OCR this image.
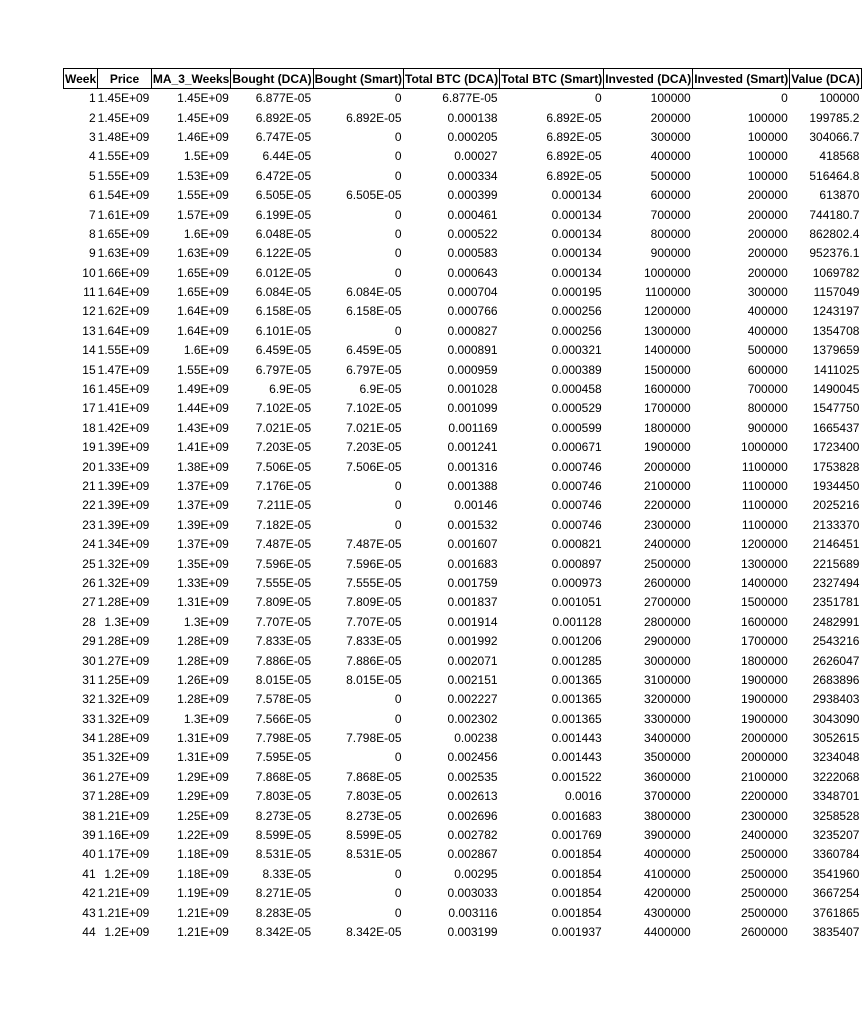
Week	Price	MA_3_Weeks	Bought (DCA)	Bought (Smart)	Total BTC (DCA)	Total BTC (Smart)	Invested (DCA)	Invested (Smart)	Value (DCA)
1	1.45E+09	1.45E+09	6.877E-05	0	6.877E-05	0	100000	0	100000
2	1.45E+09	1.45E+09	6.892E-05	6.892E-05	0.000138	6.892E-05	200000	100000	199785.2
3	1.48E+09	1.46E+09	6.747E-05	0	0.000205	6.892E-05	300000	100000	304066.7
4	1.55E+09	1.5E+09	6.44E-05	0	0.00027	6.892E-05	400000	100000	418568
5	1.55E+09	1.53E+09	6.472E-05	0	0.000334	6.892E-05	500000	100000	516464.8
6	1.54E+09	1.55E+09	6.505E-05	6.505E-05	0.000399	0.000134	600000	200000	613870
7	1.61E+09	1.57E+09	6.199E-05	0	0.000461	0.000134	700000	200000	744180.7
8	1.65E+09	1.6E+09	6.048E-05	0	0.000522	0.000134	800000	200000	862802.4
9	1.63E+09	1.63E+09	6.122E-05	0	0.000583	0.000134	900000	200000	952376.1
10	1.66E+09	1.65E+09	6.012E-05	0	0.000643	0.000134	1000000	200000	1069782
11	1.64E+09	1.65E+09	6.084E-05	6.084E-05	0.000704	0.000195	1100000	300000	1157049
12	1.62E+09	1.64E+09	6.158E-05	6.158E-05	0.000766	0.000256	1200000	400000	1243197
13	1.64E+09	1.64E+09	6.101E-05	0	0.000827	0.000256	1300000	400000	1354708
14	1.55E+09	1.6E+09	6.459E-05	6.459E-05	0.000891	0.000321	1400000	500000	1379659
15	1.47E+09	1.55E+09	6.797E-05	6.797E-05	0.000959	0.000389	1500000	600000	1411025
16	1.45E+09	1.49E+09	6.9E-05	6.9E-05	0.001028	0.000458	1600000	700000	1490045
17	1.41E+09	1.44E+09	7.102E-05	7.102E-05	0.001099	0.000529	1700000	800000	1547750
18	1.42E+09	1.43E+09	7.021E-05	7.021E-05	0.001169	0.000599	1800000	900000	1665437
19	1.39E+09	1.41E+09	7.203E-05	7.203E-05	0.001241	0.000671	1900000	1000000	1723400
20	1.33E+09	1.38E+09	7.506E-05	7.506E-05	0.001316	0.000746	2000000	1100000	1753828
21	1.39E+09	1.37E+09	7.176E-05	0	0.001388	0.000746	2100000	1100000	1934450
22	1.39E+09	1.37E+09	7.211E-05	0	0.00146	0.000746	2200000	1100000	2025216
23	1.39E+09	1.39E+09	7.182E-05	0	0.001532	0.000746	2300000	1100000	2133370
24	1.34E+09	1.37E+09	7.487E-05	7.487E-05	0.001607	0.000821	2400000	1200000	2146451
25	1.32E+09	1.35E+09	7.596E-05	7.596E-05	0.001683	0.000897	2500000	1300000	2215689
26	1.32E+09	1.33E+09	7.555E-05	7.555E-05	0.001759	0.000973	2600000	1400000	2327494
27	1.28E+09	1.31E+09	7.809E-05	7.809E-05	0.001837	0.001051	2700000	1500000	2351781
28	1.3E+09	1.3E+09	7.707E-05	7.707E-05	0.001914	0.001128	2800000	1600000	2482991
29	1.28E+09	1.28E+09	7.833E-05	7.833E-05	0.001992	0.001206	2900000	1700000	2543216
30	1.27E+09	1.28E+09	7.886E-05	7.886E-05	0.002071	0.001285	3000000	1800000	2626047
31	1.25E+09	1.26E+09	8.015E-05	8.015E-05	0.002151	0.001365	3100000	1900000	2683896
32	1.32E+09	1.28E+09	7.578E-05	0	0.002227	0.001365	3200000	1900000	2938403
33	1.32E+09	1.3E+09	7.566E-05	0	0.002302	0.001365	3300000	1900000	3043090
34	1.28E+09	1.31E+09	7.798E-05	7.798E-05	0.00238	0.001443	3400000	2000000	3052615
35	1.32E+09	1.31E+09	7.595E-05	0	0.002456	0.001443	3500000	2000000	3234048
36	1.27E+09	1.29E+09	7.868E-05	7.868E-05	0.002535	0.001522	3600000	2100000	3222068
37	1.28E+09	1.29E+09	7.803E-05	7.803E-05	0.002613	0.0016	3700000	2200000	3348701
38	1.21E+09	1.25E+09	8.273E-05	8.273E-05	0.002696	0.001683	3800000	2300000	3258528
39	1.16E+09	1.22E+09	8.599E-05	8.599E-05	0.002782	0.001769	3900000	2400000	3235207
40	1.17E+09	1.18E+09	8.531E-05	8.531E-05	0.002867	0.001854	4000000	2500000	3360784
41	1.2E+09	1.18E+09	8.33E-05	0	0.00295	0.001854	4100000	2500000	3541960
42	1.21E+09	1.19E+09	8.271E-05	0	0.003033	0.001854	4200000	2500000	3667254
43	1.21E+09	1.21E+09	8.283E-05	0	0.003116	0.001854	4300000	2500000	3761865
44	1.2E+09	1.21E+09	8.342E-05	8.342E-05	0.003199	0.001937	4400000	2600000	3835407
